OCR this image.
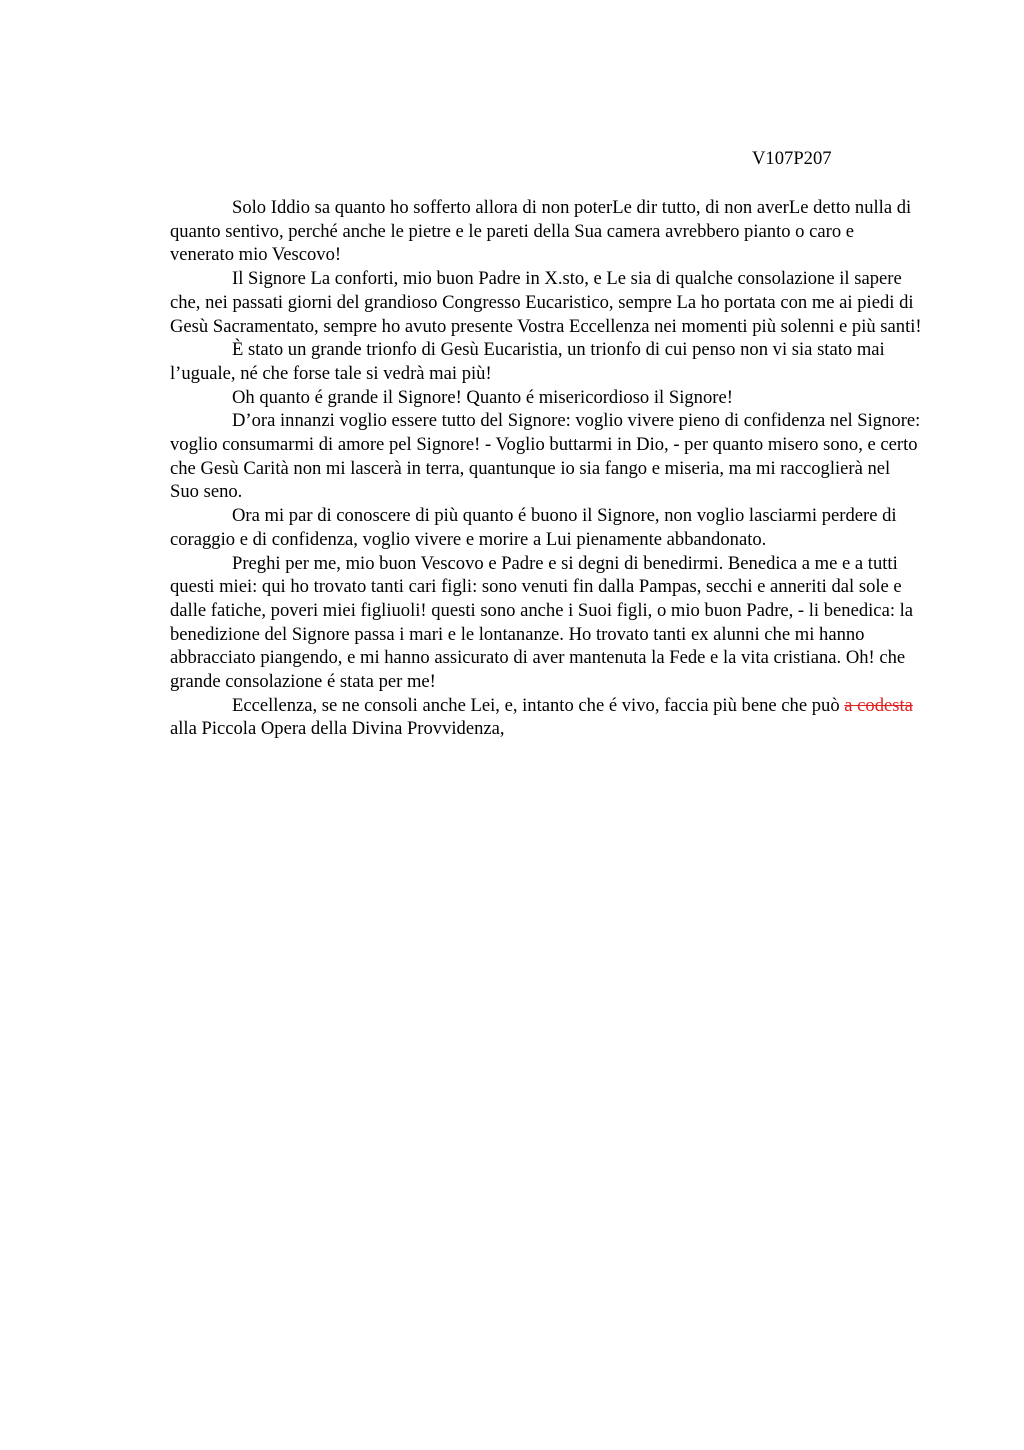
V107P207

Solo Iddio sa quanto ho sofferto allora di non poterLe dir tutto, di non averLe detto nulla di quanto sentivo, perché anche le pietre e le pareti della Sua camera avrebbero pianto o caro e venerato mio Vescovo!

Il Signore La conforti, mio buon Padre in X.sto, e Le sia di qualche consolazione il sapere che, nei passati giorni del grandioso Congresso Eucaristico, sempre La ho portata con me ai piedi di Gesù Sacramentato, sempre ho avuto presente Vostra Eccellenza nei momenti più solenni e più santi!

È stato un grande trionfo di Gesù Eucaristia, un trionfo di cui penso non vi sia stato mai l’uguale, né che forse tale si vedrà mai più!

Oh quanto é grande il Signore! Quanto é misericordioso il Signore!

D’ora innanzi voglio essere tutto del Signore: voglio vivere pieno di confidenza nel Signore: voglio consumarmi di amore pel Signore! - Voglio buttarmi in Dio, - per quanto misero sono, e certo che Gesù Carità non mi lascerà in terra, quantunque io sia fango e miseria, ma mi raccoglierà nel Suo seno.

Ora mi par di conoscere di più quanto é buono il Signore, non voglio lasciarmi perdere di coraggio e di confidenza, voglio vivere e morire a Lui pienamente abbandonato.

Preghi per me, mio buon Vescovo e Padre e si degni di benedirmi. Benedica a me e a tutti questi miei: qui ho trovato tanti cari figli: sono venuti fin dalla Pampas, secchi e anneriti dal sole e dalle fatiche, poveri miei figliuoli! questi sono anche i Suoi figli, o mio buon Padre, - li benedica: la benedizione del Signore passa i mari e le lontananze. Ho trovato tanti ex alunni che mi hanno abbracciato piangendo, e mi hanno assicurato di aver mantenuta la Fede e la vita cristiana. Oh! che grande consolazione é stata per me!

Eccellenza, se ne consoli anche Lei, e, intanto che é vivo, faccia più bene che può a codesta alla Piccola Opera della Divina Provvidenza,
